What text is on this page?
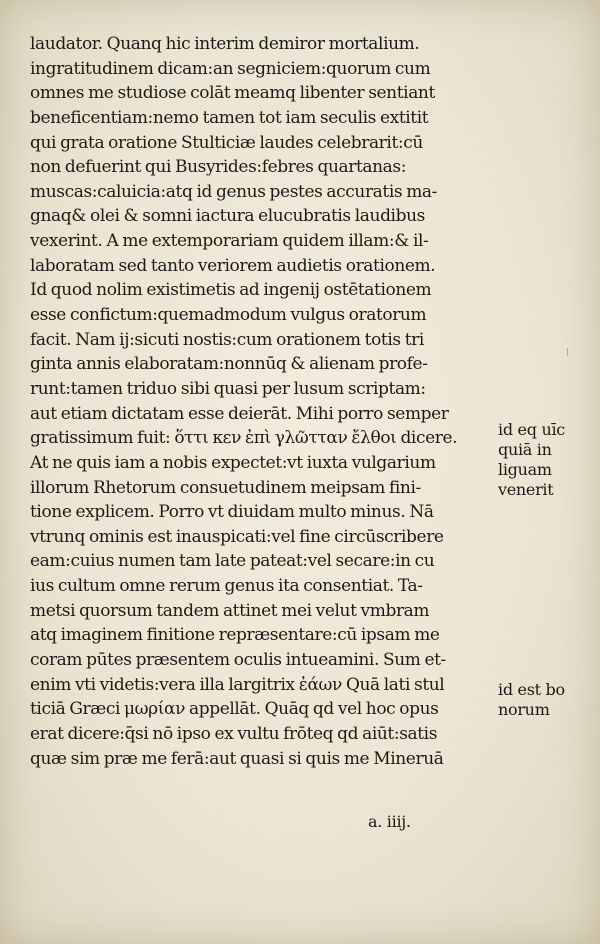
laudator. Quanq hic interim demiror mortalium.
ingratitudinem dicam:an segniciem:quorum cum
omnes me studiose colāt meamq libenter sentiant
beneficentiam:nemo tamen tot iam seculis extitit
qui grata oratione Stulticiæ laudes celebrarit:cū
non defuerint qui Busyrides:febres quartanas:
muscas:caluicia:atq id genus pestes accuratis ma-
gnaq& olei & somni iactura elucubratis laudibus
vexerint. A me extemporariam quidem illam:& il-
laboratam sed tanto veriorem audietis orationem.
Id quod nolim existimetis ad ingenij ostētationem
esse confictum:quemadmodum vulgus oratorum
facit. Nam ij:sicuti nostis:cum orationem totis tri
ginta annis elaboratam:nonnūq & alienam profe-
runt:tamen triduo sibi quasi per lusum scriptam:
aut etiam dictatam esse deierāt. Mihi porro semper
gratissimum fuit: ὅττι κεν ἐπὶ γλῶτταν ἔλθοι dicere.
At ne quis iam a nobis expectet:vt iuxta vulgarium
illorum Rhetorum consuetudinem meipsam fini-
tione explicem. Porro vt diuidam multo minus. Nā
vtrunq ominis est inauspicati:vel fine circūscribere
eam:cuius numen tam late pateat:vel secare:in cu
ius cultum omne rerum genus ita consentiat. Ta-
metsi quorsum tandem attinet mei velut vmbram
atq imaginem finitione repræsentare:cū ipsam me
coram pūtes præsentem oculis intueamini. Sum et-
enim vti videtis:vera illa largitrix ἐάων Quā lati stul
ticiā Græci μωρίαν appellāt. Quāq qd vel hoc opus
erat dicere:q̄si nō ipso ex vultu frōteq qd aiūt:satis
quæ sim præ me ferā:aut quasi si quis me Mineruā
id eq uīc
quiā in
liguam
venerit
id est bo
norum
a. iiij.
